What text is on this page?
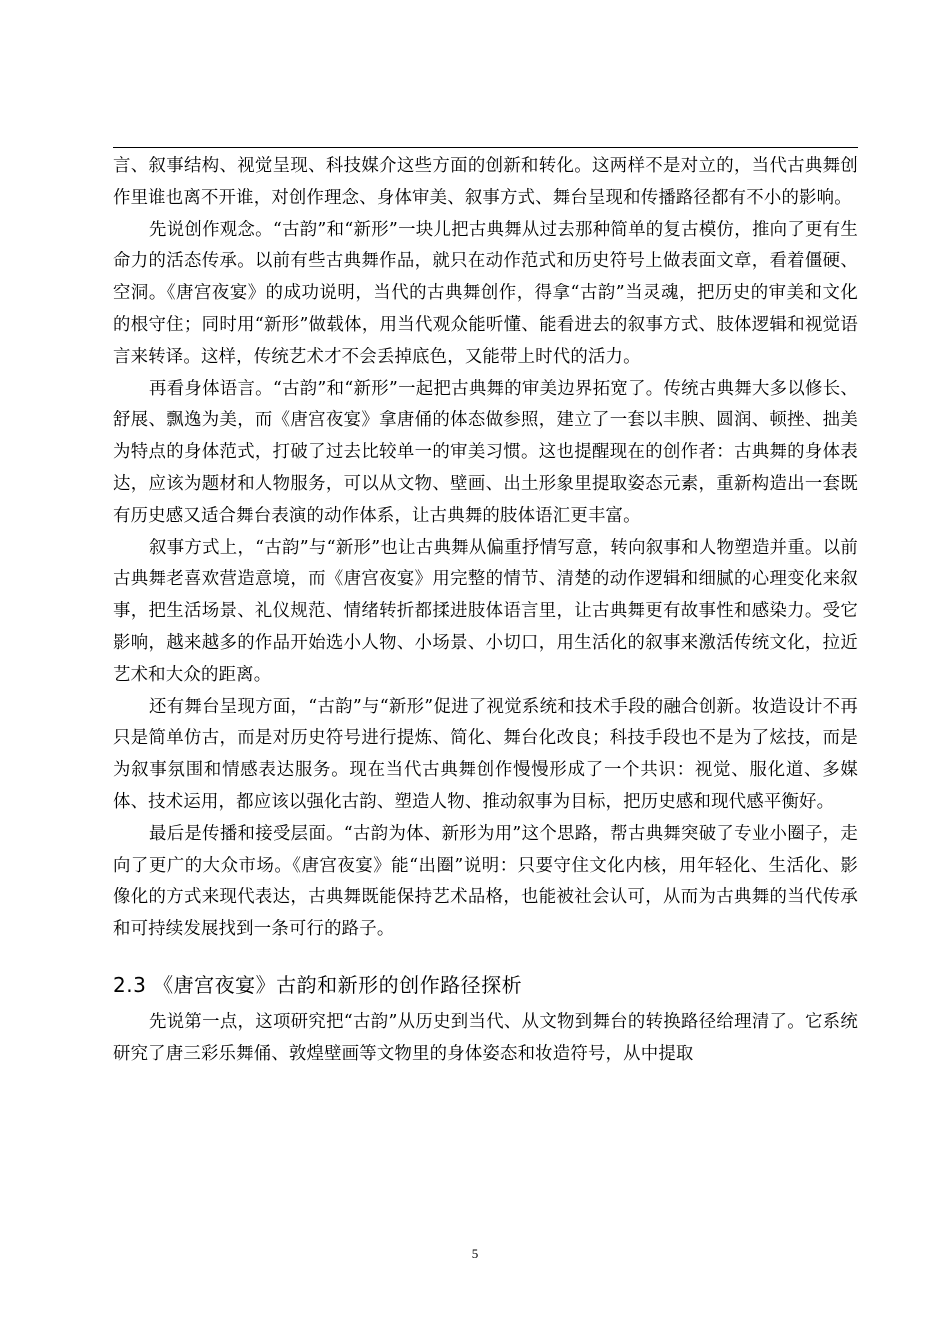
言、叙事结构、视觉呈现、科技媒介这些方面的创新和转化。这两样不是对立的，当代古典舞创作里谁也离不开谁，对创作理念、身体审美、叙事方式、舞台呈现和传播路径都有不小的影响。

先说创作观念。“古韵”和“新形”一块儿把古典舞从过去那种简单的复古模仿，推向了更有生命力的活态传承。以前有些古典舞作品，就只在动作范式和历史符号上做表面文章，看着僵硬、空洞。《唐宫夜宴》的成功说明，当代的古典舞创作，得拿“古韵”当灵魂，把历史的审美和文化的根守住；同时用“新形”做载体，用当代观众能听懂、能看进去的叙事方式、肢体逻辑和视觉语言来转译。这样，传统艺术才不会丢掉底色，又能带上时代的活力。

再看身体语言。“古韵”和“新形”一起把古典舞的审美边界拓宽了。传统古典舞大多以修长、舒展、飘逸为美，而《唐宫夜宴》拿唐俑的体态做参照，建立了一套以丰腴、圆润、顿挫、拙美为特点的身体范式，打破了过去比较单一的审美习惯。这也提醒现在的创作者：古典舞的身体表达，应该为题材和人物服务，可以从文物、壁画、出土形象里提取姿态元素，重新构造出一套既有历史感又适合舞台表演的动作体系，让古典舞的肢体语汇更丰富。

叙事方式上，“古韵”与“新形”也让古典舞从偏重抒情写意，转向叙事和人物塑造并重。以前古典舞老喜欢营造意境，而《唐宫夜宴》用完整的情节、清楚的动作逻辑和细腻的心理变化来叙事，把生活场景、礼仪规范、情绪转折都揉进肢体语言里，让古典舞更有故事性和感染力。受它影响，越来越多的作品开始选小人物、小场景、小切口，用生活化的叙事来激活传统文化，拉近艺术和大众的距离。

还有舞台呈现方面，“古韵”与“新形”促进了视觉系统和技术手段的融合创新。妆造设计不再只是简单仿古，而是对历史符号进行提炼、简化、舞台化改良；科技手段也不是为了炫技，而是为叙事氛围和情感表达服务。现在当代古典舞创作慢慢形成了一个共识：视觉、服化道、多媒体、技术运用，都应该以强化古韵、塑造人物、推动叙事为目标，把历史感和现代感平衡好。

最后是传播和接受层面。“古韵为体、新形为用”这个思路，帮古典舞突破了专业小圈子，走向了更广的大众市场。《唐宫夜宴》能“出圈”说明：只要守住文化内核，用年轻化、生活化、影像化的方式来现代表达，古典舞既能保持艺术品格，也能被社会认可，从而为古典舞的当代传承和可持续发展找到一条可行的路子。

2.3 《唐宫夜宴》古韵和新形的创作路径探析

先说第一点，这项研究把“古韵”从历史到当代、从文物到舞台的转换路径给理清了。它系统研究了唐三彩乐舞俑、敦煌壁画等文物里的身体姿态和妆造符号，从中提取

5
